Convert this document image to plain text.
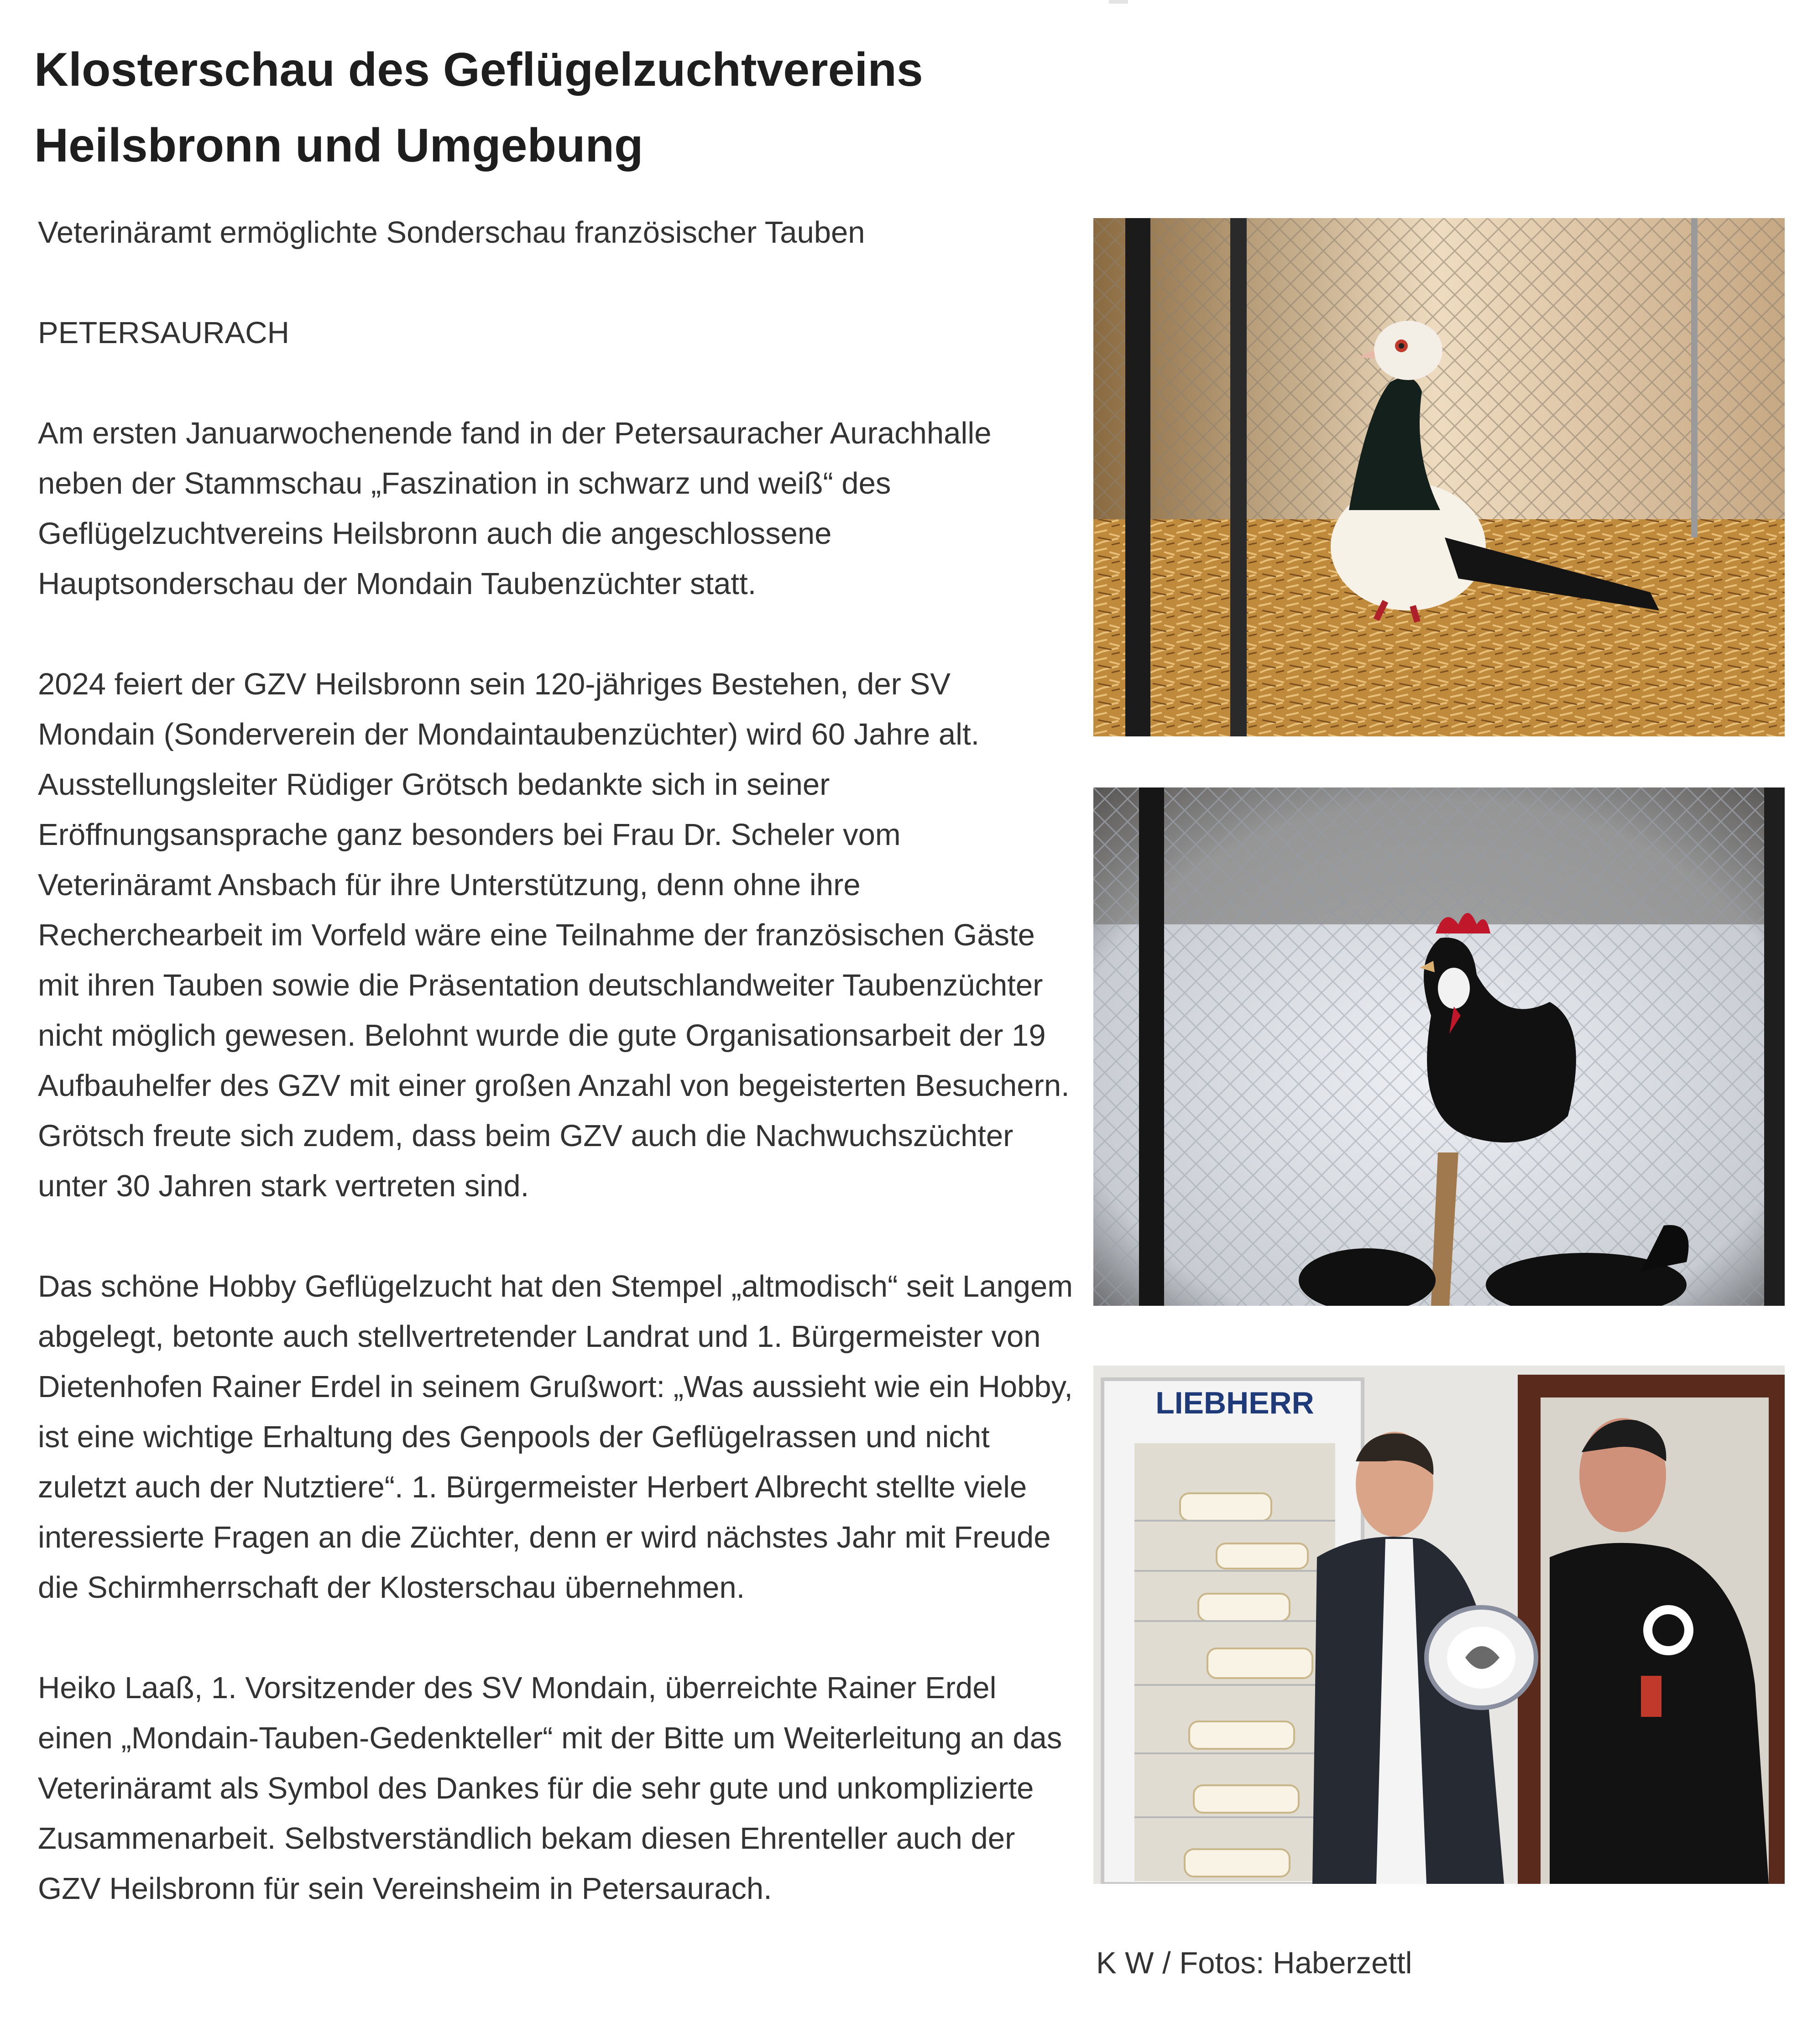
Klosterschau des Geflügelzuchtvereins Heilsbronn und Umgebung

Veterinäramt ermöglichte Sonderschau französischer Tauben

PETERSAURACH

Am ersten Januarwochenende fand in der Petersauracher Aurachhalle neben der Stammschau „Faszination in schwarz und weiß“ des Geflügelzuchtvereins Heilsbronn auch die angeschlossene Hauptsonderschau der Mondain Taubenzüchter statt.

2024 feiert der GZV Heilsbronn sein 120-jähriges Bestehen, der SV Mondain (Sonderverein der Mondaintaubenzüchter) wird 60 Jahre alt. Ausstellungsleiter Rüdiger Grötsch bedankte sich in seiner Eröffnungsansprache ganz besonders bei Frau Dr. Scheler vom Veterinäramt Ansbach für ihre Unterstützung, denn ohne ihre Recherchearbeit im Vorfeld wäre eine Teilnahme der französischen Gäste mit ihren Tauben sowie die Präsentation deutschlandweiter Taubenzüchter nicht möglich gewesen. Belohnt wurde die gute Organisationsarbeit der 19 Aufbauhelfer des GZV mit einer großen Anzahl von begeisterten Besuchern. Grötsch freute sich zudem, dass beim GZV auch die Nachwuchszüchter unter 30 Jahren stark vertreten sind.

Das schöne Hobby Geflügelzucht hat den Stempel „altmodisch“ seit Langem abgelegt, betonte auch stellvertretender Landrat und 1. Bürgermeister von Dietenhofen Rainer Erdel in seinem Grußwort: „Was aussieht wie ein Hobby, ist eine wichtige Erhaltung des Genpools der Geflügelrassen und nicht zuletzt auch der Nutztiere“. 1. Bürgermeister Herbert Albrecht stellte viele interessierte Fragen an die Züchter, denn er wird nächstes Jahr mit Freude die Schirmherrschaft der Klosterschau übernehmen.

Heiko Laaß, 1. Vorsitzender des SV Mondain, überreichte Rainer Erdel einen „Mondain-Tauben-Gedenkteller“ mit der Bitte um Weiterleitung an das Veterinäramt als Symbol des Dankes für die sehr gute und unkomplizierte Zusammenarbeit. Selbstverständlich bekam diesen Ehrenteller auch der GZV Heilsbronn für sein Vereinsheim in Petersaurach.

LIEBHERR

K W / Fotos: Haberzettl
